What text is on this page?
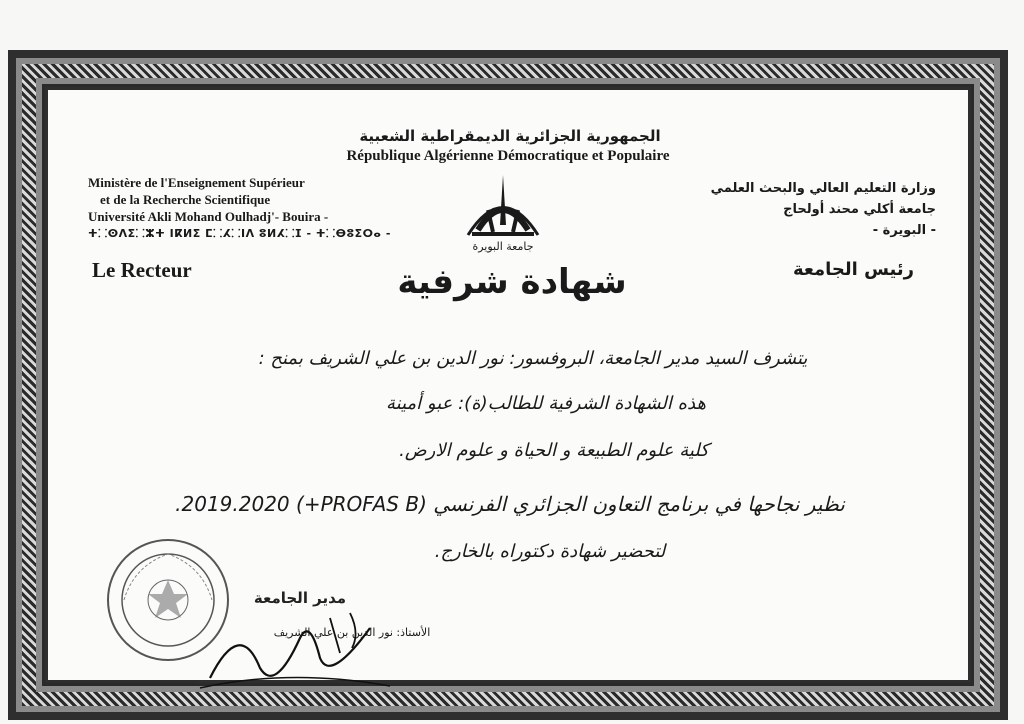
الجمهورية الجزائرية الديمقراطية الشعبية
République Algérienne Démocratique et Populaire
Ministère de l'Enseignement Supérieur
et de la Recherche Scientifique
Université Akli Mohand Oulhadj'- Bouira -
ⵜ⸬ⵙⴷⵉ⸬ⵣⵜ ⵏⴽⵍⵉ ⵎ⸬ⵃ⸬ⵏⴷ ⵓⵍⵃ⸬ⵊ - ⵜ⸬ⴱⵓⵉⵔⴰ -
وزارة التعليم العالي والبحث العلمي
جامعة أكلي محند أولحاج
- البويرة -
جامعة البويرة
Le Recteur	رئيس الجامعة
شهادة شرفية
يتشرف السيد مدير الجامعة، البروفسور: نور الدين بن علي الشريف بمنح :
هذه الشهادة الشرفية للطالب(ة): عبو أمينة
كلية علوم الطبيعة و الحياة و علوم الارض.
نظير نجاحها في برنامج التعاون الجزائري الفرنسي (PROFAS B+) 2019.2020.
لتحضير شهادة دكتوراه بالخارج.
مدير الجامعة
الأستاذ: نور الدين بن علي الشريف
